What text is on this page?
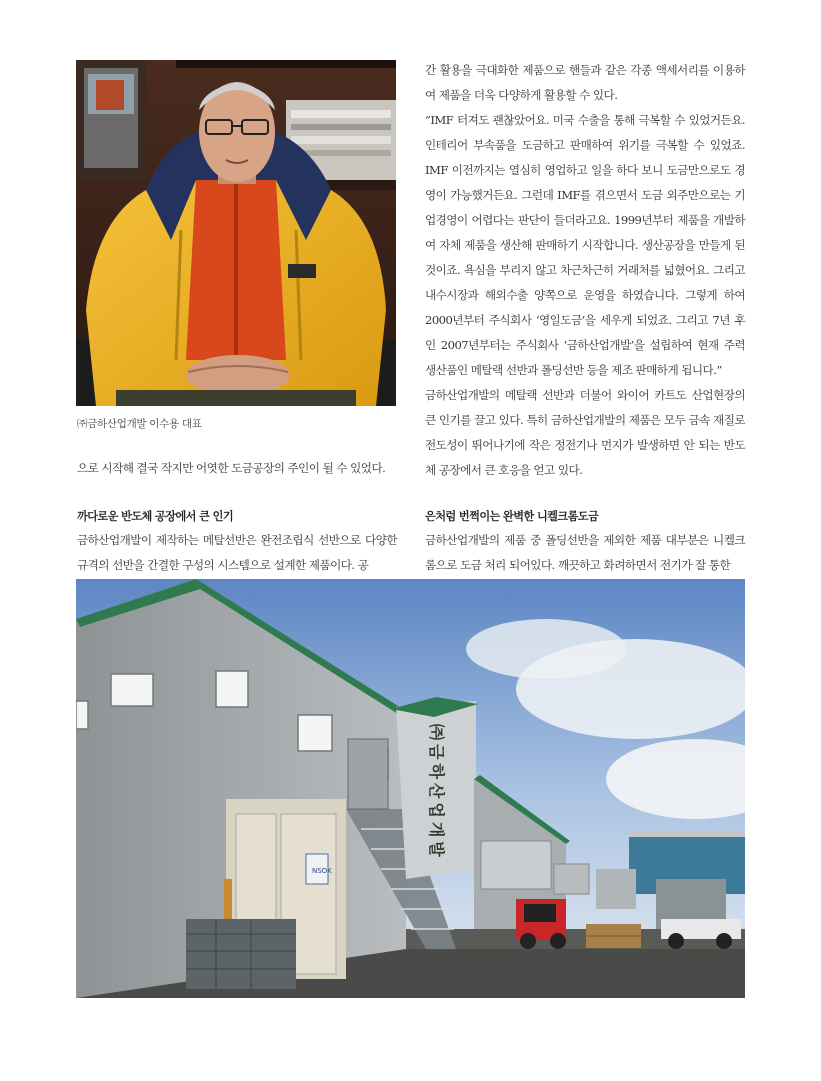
㈜금하산업개발 이수용 대표

으로 시작해 결국 작지만 어엿한 도금공장의 주인이 될 수 있었다.

까다로운 반도체 공장에서 큰 인기

금하산업개발이 제작하는 메탈선반은 완전조립식 선반으로 다양한 규격의 선반을 간결한 구성의 시스템으로 설계한 제품이다. 공

간 활용을 극대화한 제품으로 핸들과 같은 각종 액세서리를 이용하여 제품을 더욱 다양하게 활용할 수 있다.

“IMF 터져도 괜찮았어요. 미국 수출을 통해 극복할 수 있었거든요. 인테리어 부속품을 도금하고 판매하여 위기를 극복할 수 있었죠. IMF 이전까지는 열심히 영업하고 일을 하다 보니 도금만으로도 경영이 가능했거든요. 그런데 IMF를 겪으면서 도금 외주만으로는 기업경영이 어렵다는 판단이 들더라고요. 1999년부터 제품을 개발하여 자체 제품을 생산해 판매하기 시작합니다. 생산공장을 만들게 된 것이죠. 욕심을 부리지 않고 차근차근히 거래처를 넓혔어요. 그리고 내수시장과 해외수출 양쪽으로 운영을 하였습니다. 그렇게 하여 2000년부터 주식회사 ‘영일도금’을 세우게 되었죠. 그리고 7년 후인 2007년부터는 주식회사 ‘금하산업개발’을 설립하여 현재 주력 생산품인 메탈랙 선반과 폴딩선반 등을 제조 판매하게 됩니다.”

금하산업개발의 메탈랙 선반과 더불어 와이어 카트도 산업현장의 큰 인기를 끌고 있다. 특히 금하산업개발의 제품은 모두 금속 재질로 전도성이 뛰어나기에 작은 정전기나 먼지가 발생하면 안 되는 반도체 공장에서 큰 호응을 얻고 있다.

은처럼 번쩍이는 완벽한 니켈크롬도금

금하산업개발의 제품 중 폴딩선반을 제외한 제품 대부분은 니켈크롬으로 도금 처리 되어있다. 깨끗하고 화려하면서 전기가 잘 통한

NSOK
㈜금하산업개발
